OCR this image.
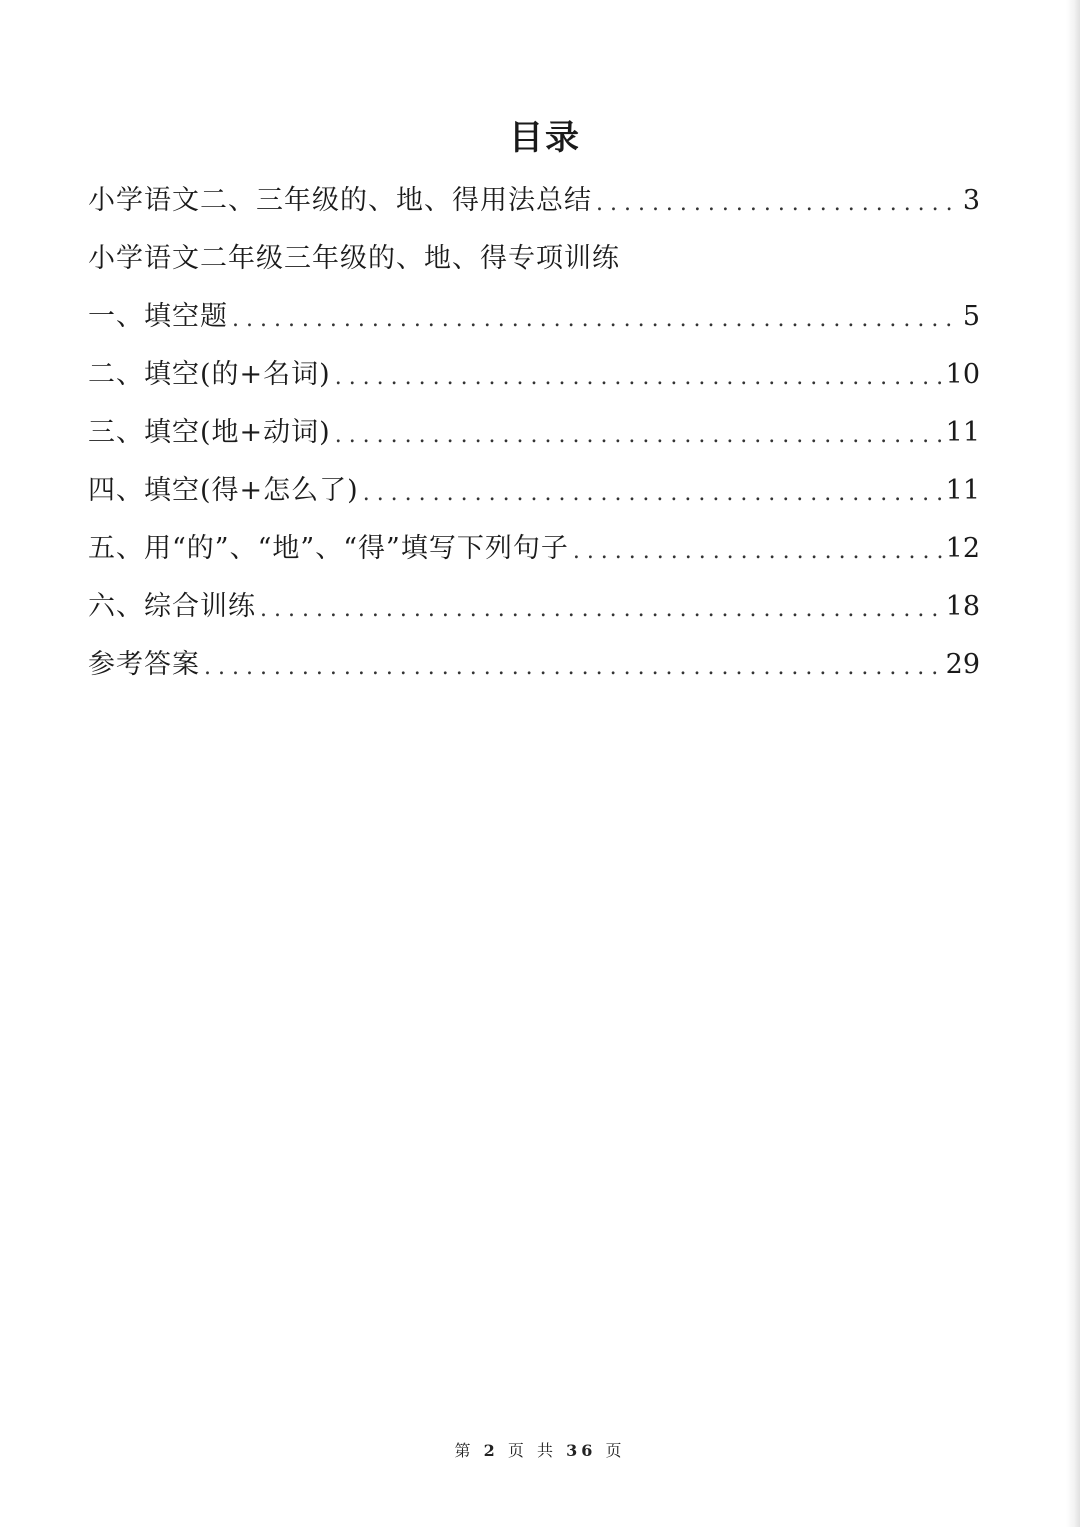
目录
小学语文二、三年级的、地、得用法总结 . . .	3
小学语文二年级三年级的、地、得专项训练
一、填空题 . . .	5
二、填空(的+名词) . . .	10
三、填空(地+动词) . . .	11
四、填空(得+怎么了) . . .	11
五、用“的”、“地”、“得”填写下列句子 . . .	12
六、综合训练 . . .	18
参考答案 . . .	29
第 2 页 共 36 页
